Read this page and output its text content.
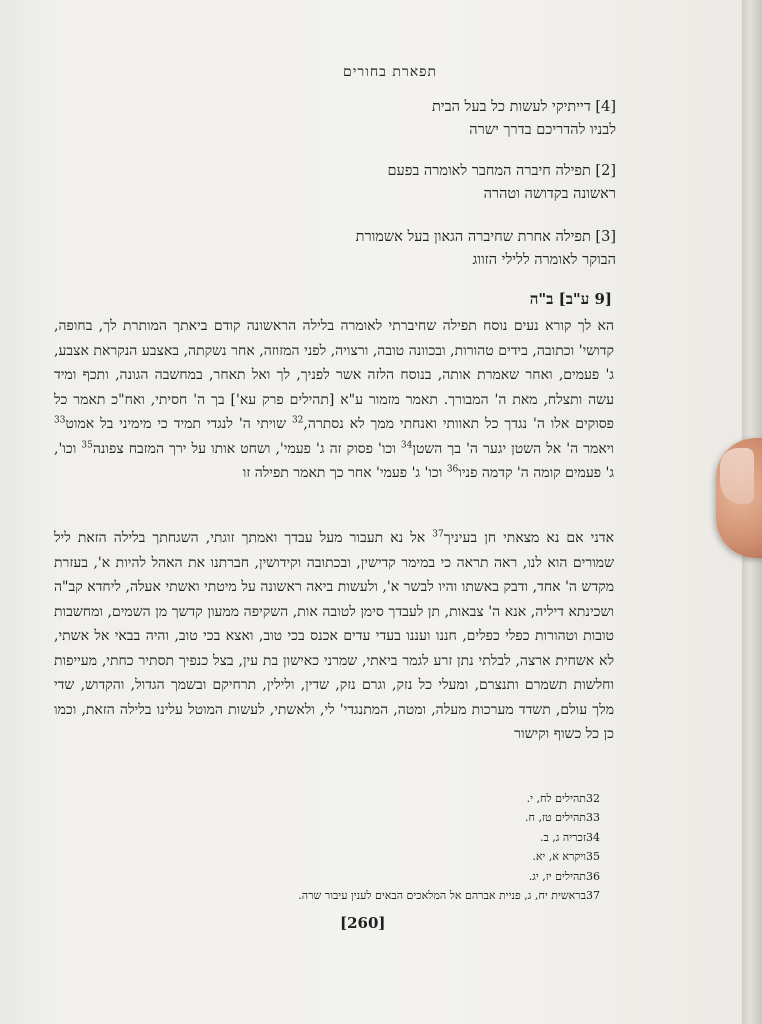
תפארת בחורים
[4] דייתיקי לעשות כל בעל הבית
לבניו להדריכם בדרך ישרה
[2] תפילה חיברה המחבר לאומרה בפעם
ראשונה בקדושה וטהרה
[3] תפילה אחרת שחיברה הגאון בעל אשמורת
הבוקר לאומרה ללילי הזווג
[9 ע"ב] ב"ה
הא לך קורא נעים נוסח תפילה שחיברתי לאומרה בלילה הראשונה קודם ביאתך המותרת לך, בחופה, קדושי' וכתובה, בידים טהורות, ובכוונה טובה, ורצויה, לפני המזוזה, אחר נשקתה, באצבע הנקראת אצבע, ג' פעמים, ואחר שאמרת אותה, בנוסח הלזה אשר לפניך, לך ואל תאחר, במחשבה הגונה, ותכף ומיד עשה ותצלח, מאת ה' המבורך. תאמר מזמור ע"א [תהילים פרק עא'] בך ה' חסיתי, ואח"כ תאמר כל פסוקים אלו ה' נגדך כל תאוותי ואנחתי ממך לא נסתרה,$^{32}$ שויתי ה' לנגדי תמיד כי מימיני בל אמוט$^{33}$ ויאמר ה' אל השטן יגער ה' בך השטן$^{34}$ וכו' פסוק זה ג' פעמי', ושחט אותו על ירך המזבח צפונה$^{35}$ וכו', ג' פעמים קומה ה' קדמה פניו$^{36}$ וכו' ג' פעמי' אחר כך תאמר תפילה זו
אדני אם נא מצאתי חן בעיניך$^{37}$ אל נא תעבור מעל עבדך ואמתך זוגתי, השגחתך בלילה הזאת ליל שמורים הוא לנו, ראה תראה כי במימר קדישין, ובכתובה וקידושין, חברתנו את האהל להיות א', בעזרת מקדש ה' אחד, ודבק באשתו והיו לבשר א', ולעשות ביאה ראשונה על מיטתי ואשתי אעלה, ליחדא קב"ה ושכינתא דיליה, אנא ה' צבאות, תן לעבדך סימן לטובה אות, השקיפה ממעון קדשך מן השמים, ומחשבות טובות וטהורות כפלי כפלים, חננו ועננו בעדי עדים אכנס בכי טוב, ואצא בכי טוב, והיה בבאי אל אשתי, לא אשחית ארצה, לבלתי נתן זרע לגמר ביאתי, שמרני כאישון בת עין, בצל כנפיך תסתיר כחתי, מעייפות וחלשות תשמרם ותנצרם, ומעלי כל נזק, וגרם נזק, שדין, ולילין, תרחיקם ובשמך הגדול, והקדוש, שדי מלך עולם, תשדד מערכות מעלה, ומטה, המתנגדי' לי, ולאשתי, לעשות המוטל עלינו בלילה הזאת, וכמו כן כל כשוף וקישור
32תהילים לח, י.
33תהילים טז, ח.
34זכריה ג, ב.
35ויקרא א, יא.
36תהילים יז, יג.
37בראשית יח, ג, פניית אברהם אל המלאכים הבאים לענין עיבור שרה.
[260]
